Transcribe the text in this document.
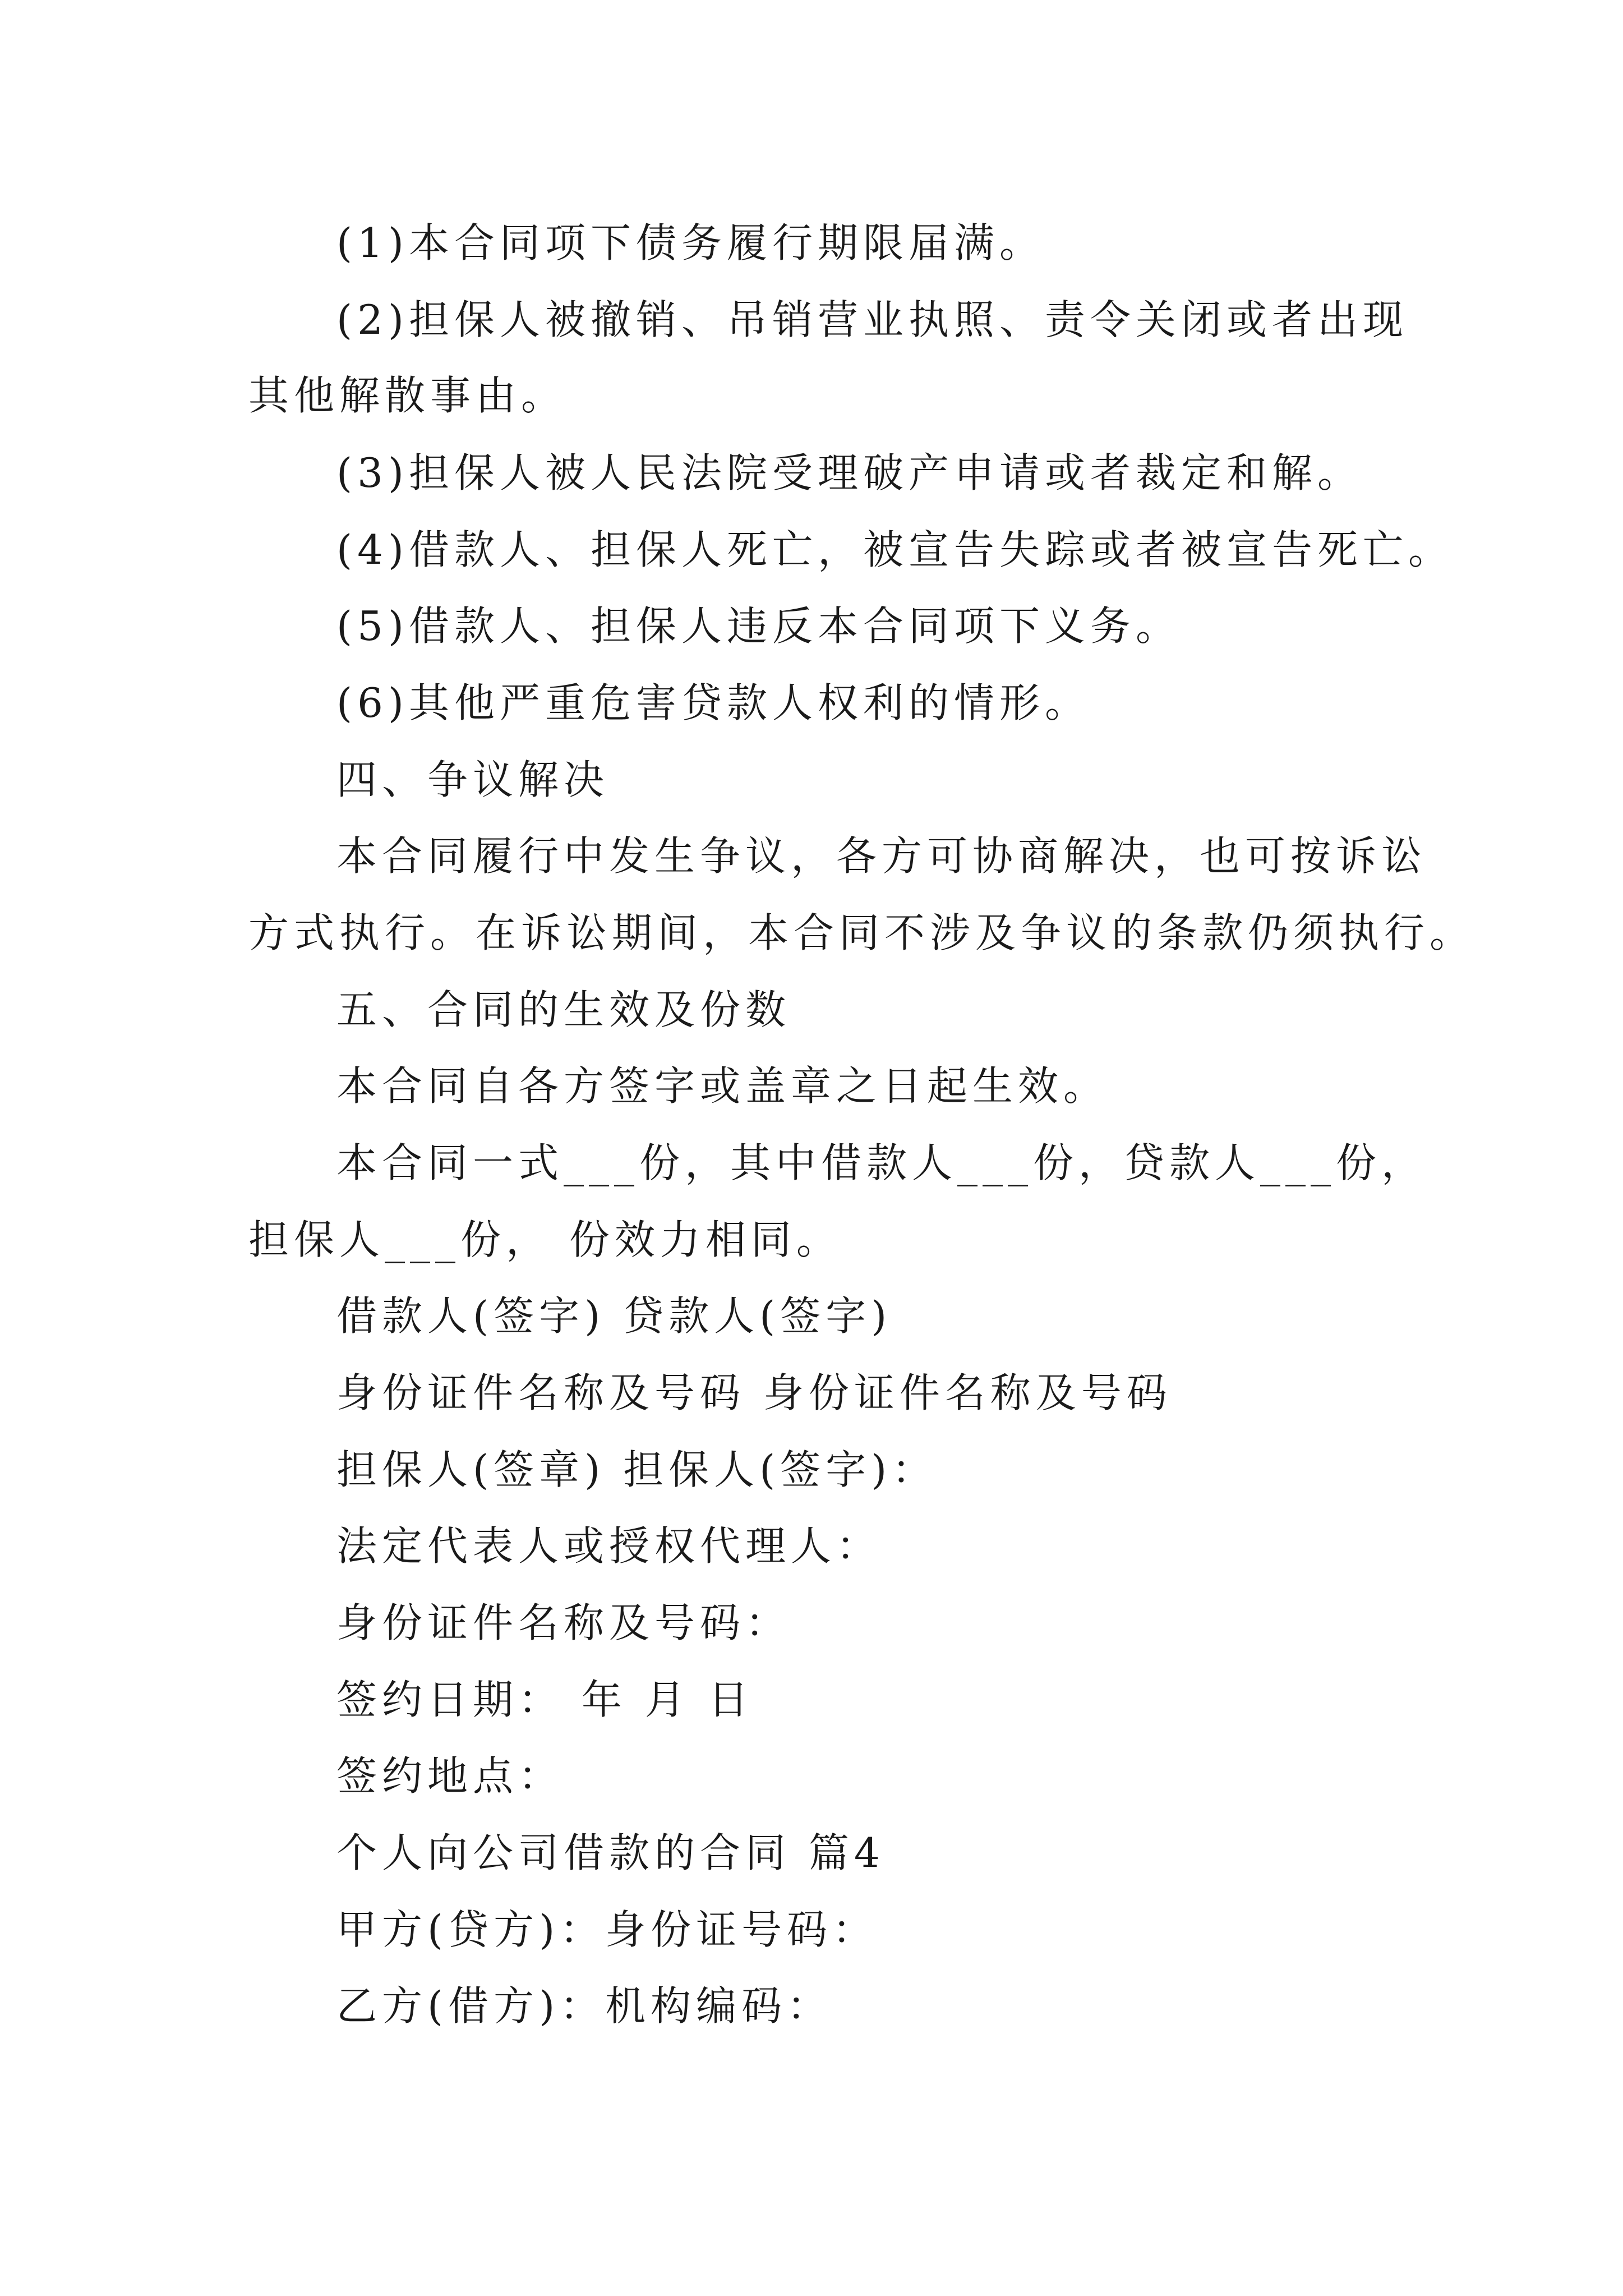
(1)本合同项下债务履行期限届满。

(2)担保人被撤销、吊销营业执照、责令关闭或者出现

其他解散事由。

(3)担保人被人民法院受理破产申请或者裁定和解。

(4)借款人、担保人死亡，被宣告失踪或者被宣告死亡。

(5)借款人、担保人违反本合同项下义务。

(6)其他严重危害贷款人权利的情形。

四、争议解决

本合同履行中发生争议，各方可协商解决，也可按诉讼

方式执行。在诉讼期间，本合同不涉及争议的条款仍须执行。

五、合同的生效及份数

本合同自各方签字或盖章之日起生效。

本合同一式___份，其中借款人___份，贷款人___份，

担保人___份， 份效力相同。

借款人(签字) 贷款人(签字)

身份证件名称及号码 身份证件名称及号码

担保人(签章) 担保人(签字)：

法定代表人或授权代理人：

身份证件名称及号码：

签约日期： 年 月 日

签约地点：

个人向公司借款的合同 篇4

甲方(贷方)：身份证号码：

乙方(借方)：机构编码：
